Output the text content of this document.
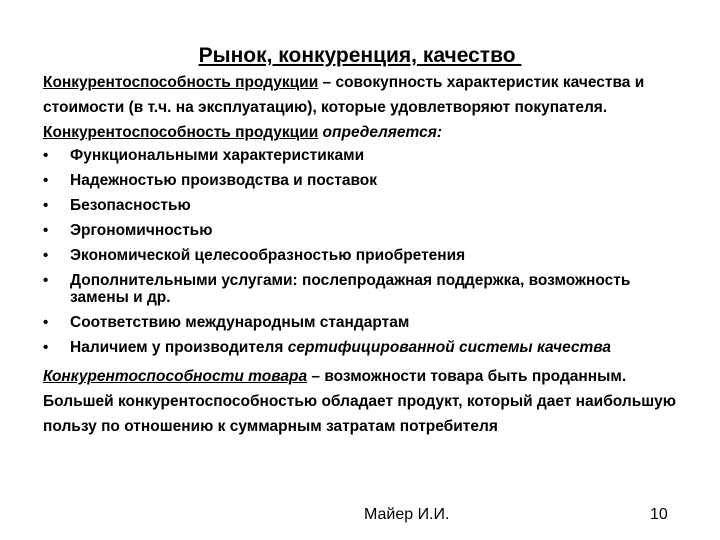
Рынок, конкуренция, качество

Конкурентоспособность продукции – совокупность характеристик качества и стоимости (в т.ч. на эксплуатацию), которые удовлетворяют покупателя.

Конкурентоспособность продукции определяется:

• Функциональными характеристиками
• Надежностью производства и поставок
• Безопасностью
• Эргономичностью
• Экономической целесообразностью приобретения
• Дополнительными услугами: послепродажная поддержка, возможность замены и др.
• Соответствию международным стандартам
• Наличием у производителя сертифицированной системы качества

Конкурентоспособности товара – возможности товара быть проданным. Большей конкурентоспособностью обладает продукт, который дает наибольшую пользу по отношению к суммарным затратам потребителя

Майер И.И.	10
